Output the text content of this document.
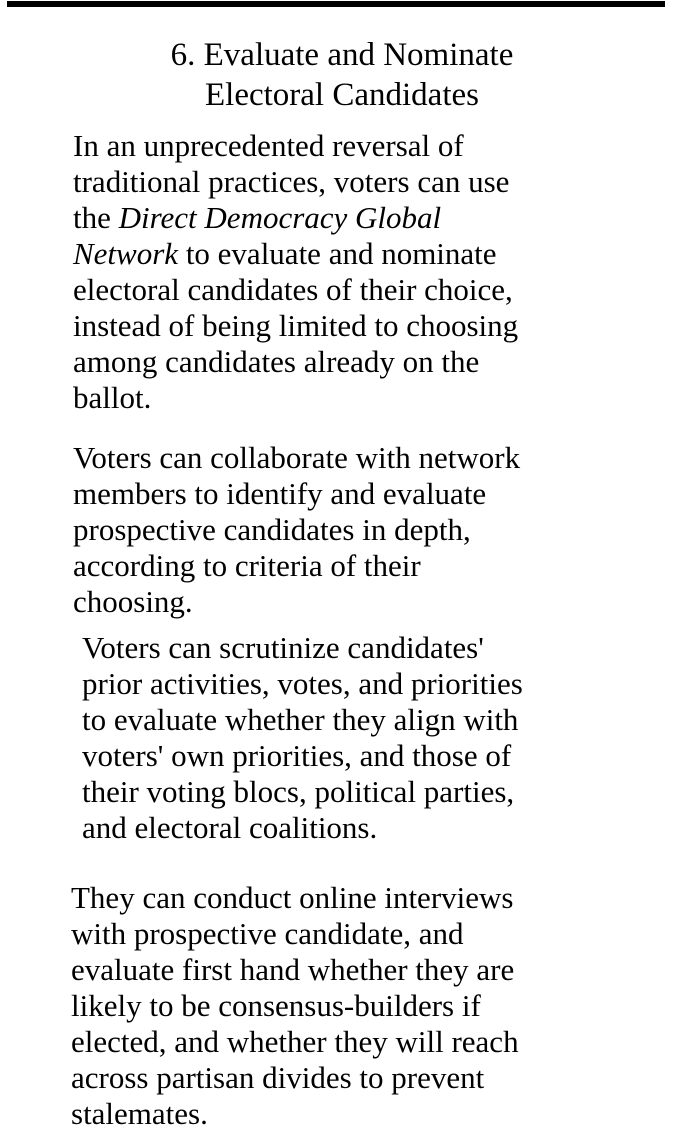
6. Evaluate and Nominate
Electoral Candidates

In an unprecedented reversal of traditional practices, voters can use the Direct Democracy Global Network to evaluate and nominate electoral candidates of their choice, instead of being limited to choosing among candidates already on the ballot.

Voters can collaborate with network members to identify and evaluate prospective candidates in depth, according to criteria of their choosing.

Voters can scrutinize candidates' prior activities, votes, and priorities to evaluate whether they align with voters' own priorities, and those of their voting blocs, political parties, and electoral coalitions.

They can conduct online interviews with prospective candidate, and evaluate first hand whether they are likely to be consensus-builders if elected, and whether they will reach across partisan divides to prevent stalemates.
